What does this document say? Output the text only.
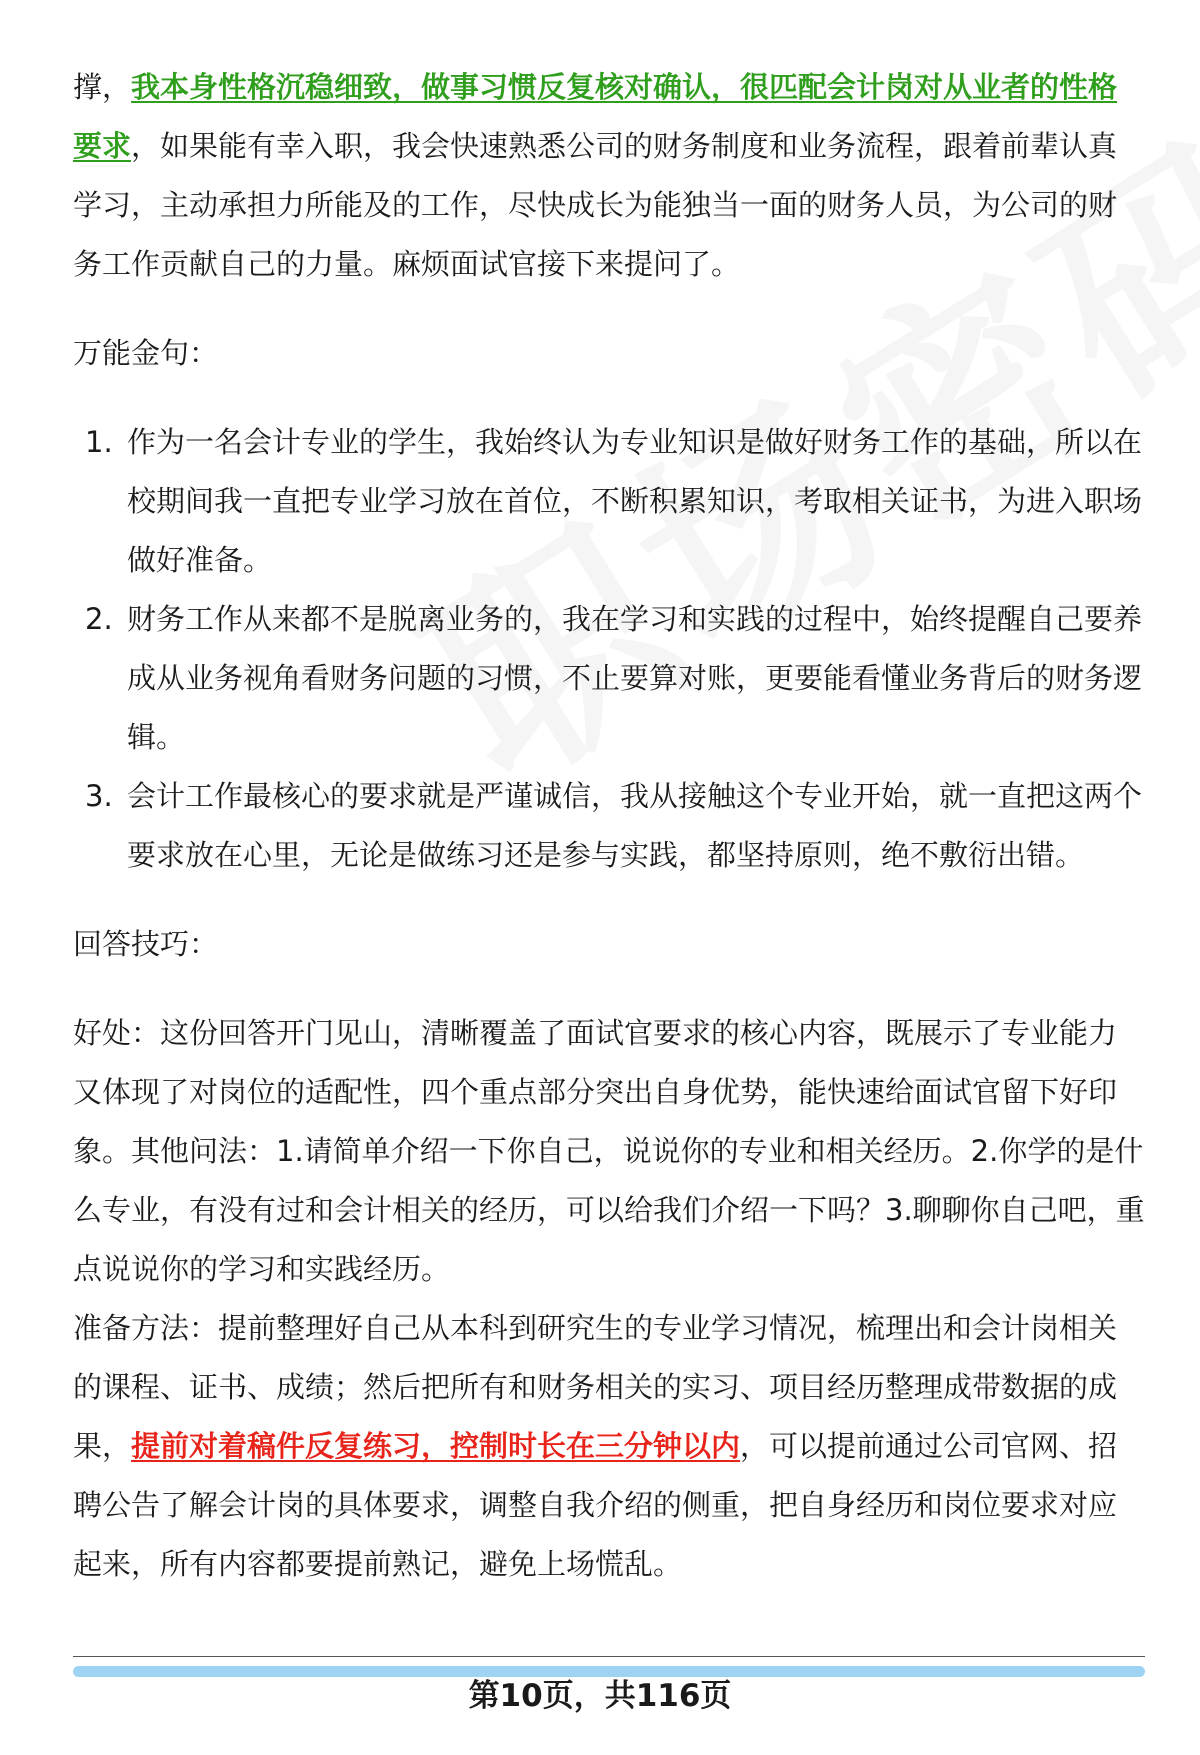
撑，我本身性格沉稳细致，做事习惯反复核对确认，很匹配会计岗对从业者的性格要求，如果能有幸入职，我会快速熟悉公司的财务制度和业务流程，跟着前辈认真学习，主动承担力所能及的工作，尽快成长为能独当一面的财务人员，为公司的财务工作贡献自己的力量。麻烦面试官接下来提问了。

万能金句：

1. 作为一名会计专业的学生，我始终认为专业知识是做好财务工作的基础，所以在校期间我一直把专业学习放在首位，不断积累知识，考取相关证书，为进入职场做好准备。
2. 财务工作从来都不是脱离业务的，我在学习和实践的过程中，始终提醒自己要养成从业务视角看财务问题的习惯，不止要算对账，更要能看懂业务背后的财务逻辑。
3. 会计工作最核心的要求就是严谨诚信，我从接触这个专业开始，就一直把这两个要求放在心里，无论是做练习还是参与实践，都坚持原则，绝不敷衍出错。

回答技巧：

好处：这份回答开门见山，清晰覆盖了面试官要求的核心内容，既展示了专业能力又体现了对岗位的适配性，四个重点部分突出自身优势，能快速给面试官留下好印象。其他问法：1.请简单介绍一下你自己，说说你的专业和相关经历。2.你学的是什么专业，有没有过和会计相关的经历，可以给我们介绍一下吗？3.聊聊你自己吧，重点说说你的学习和实践经历。

准备方法：提前整理好自己从本科到研究生的专业学习情况，梳理出和会计岗相关的课程、证书、成绩；然后把所有和财务相关的实习、项目经历整理成带数据的成果，提前对着稿件反复练习，控制时长在三分钟以内，可以提前通过公司官网、招聘公告了解会计岗的具体要求，调整自我介绍的侧重，把自身经历和岗位要求对应起来，所有内容都要提前熟记，避免上场慌乱。

第10页，共116页
